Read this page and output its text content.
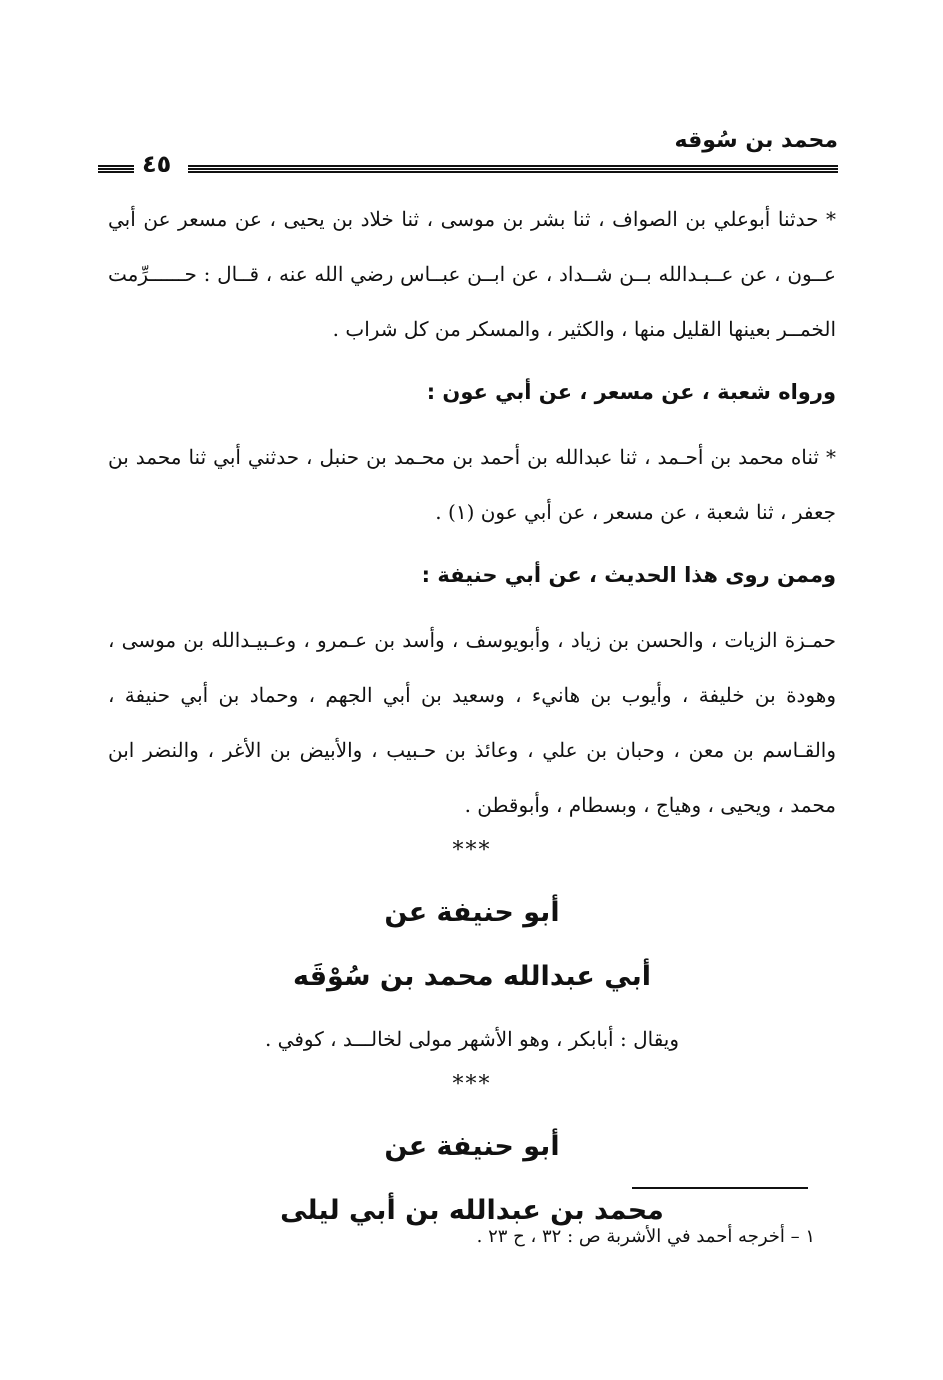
محمد بن سُوقه
٤٥

* حدثنا أبوعلي بن الصواف ، ثنا بشر بن موسى ، ثنا خلاد بن يحيى ، عن مسعر عن أبي عــون ، عن عــبـدالله بــن شــداد ، عن ابــن عبــاس رضي الله عنه ، قــال : حــــــرِّمت الخمــر بعينها القليل منها ، والكثير ، والمسكر من كل شراب .

ورواه شعبة ، عن مسعر ، عن أبي عون :

* ثناه محمد بن أحـمد ، ثنا عبدالله بن أحمد بن محـمد بن حنبل ، حدثني أبي ثنا محمد بن جعفر ، ثنا شعبة ، عن مسعر ، عن أبي عون (١) .

وممن روى هذا الحديث ، عن أبي حنيفة :

حمـزة الزيات ، والحسن بن زياد ، وأبويوسف ، وأسد بن عـمرو ، وعـبيـدالله بن موسى ، وهودة بن خليفة ، وأيوب بن هانيء ، وسعيد بن أبي الجهم ، وحماد بن أبي حنيفة ، والقـاسم بن معن ، وحبان بن علي ، وعائذ بن حـبيب ، والأبيض بن الأغر ، والنضر ابن محمد ، ويحيى ، وهياج ، وبسطام ، وأبوقطن .

***

أبو حنيفة عن

أبي عبدالله محمد بن سُوْقَه

ويقال : أبابكر ، وهو الأشهر مولى لخالـــد ، كوفي .

***

أبو حنيفة عن

محمد بن عبدالله بن أبي ليلى

١ – أخرجه أحمد في الأشربة ص : ٣٢ ، ح ٢٣ .
